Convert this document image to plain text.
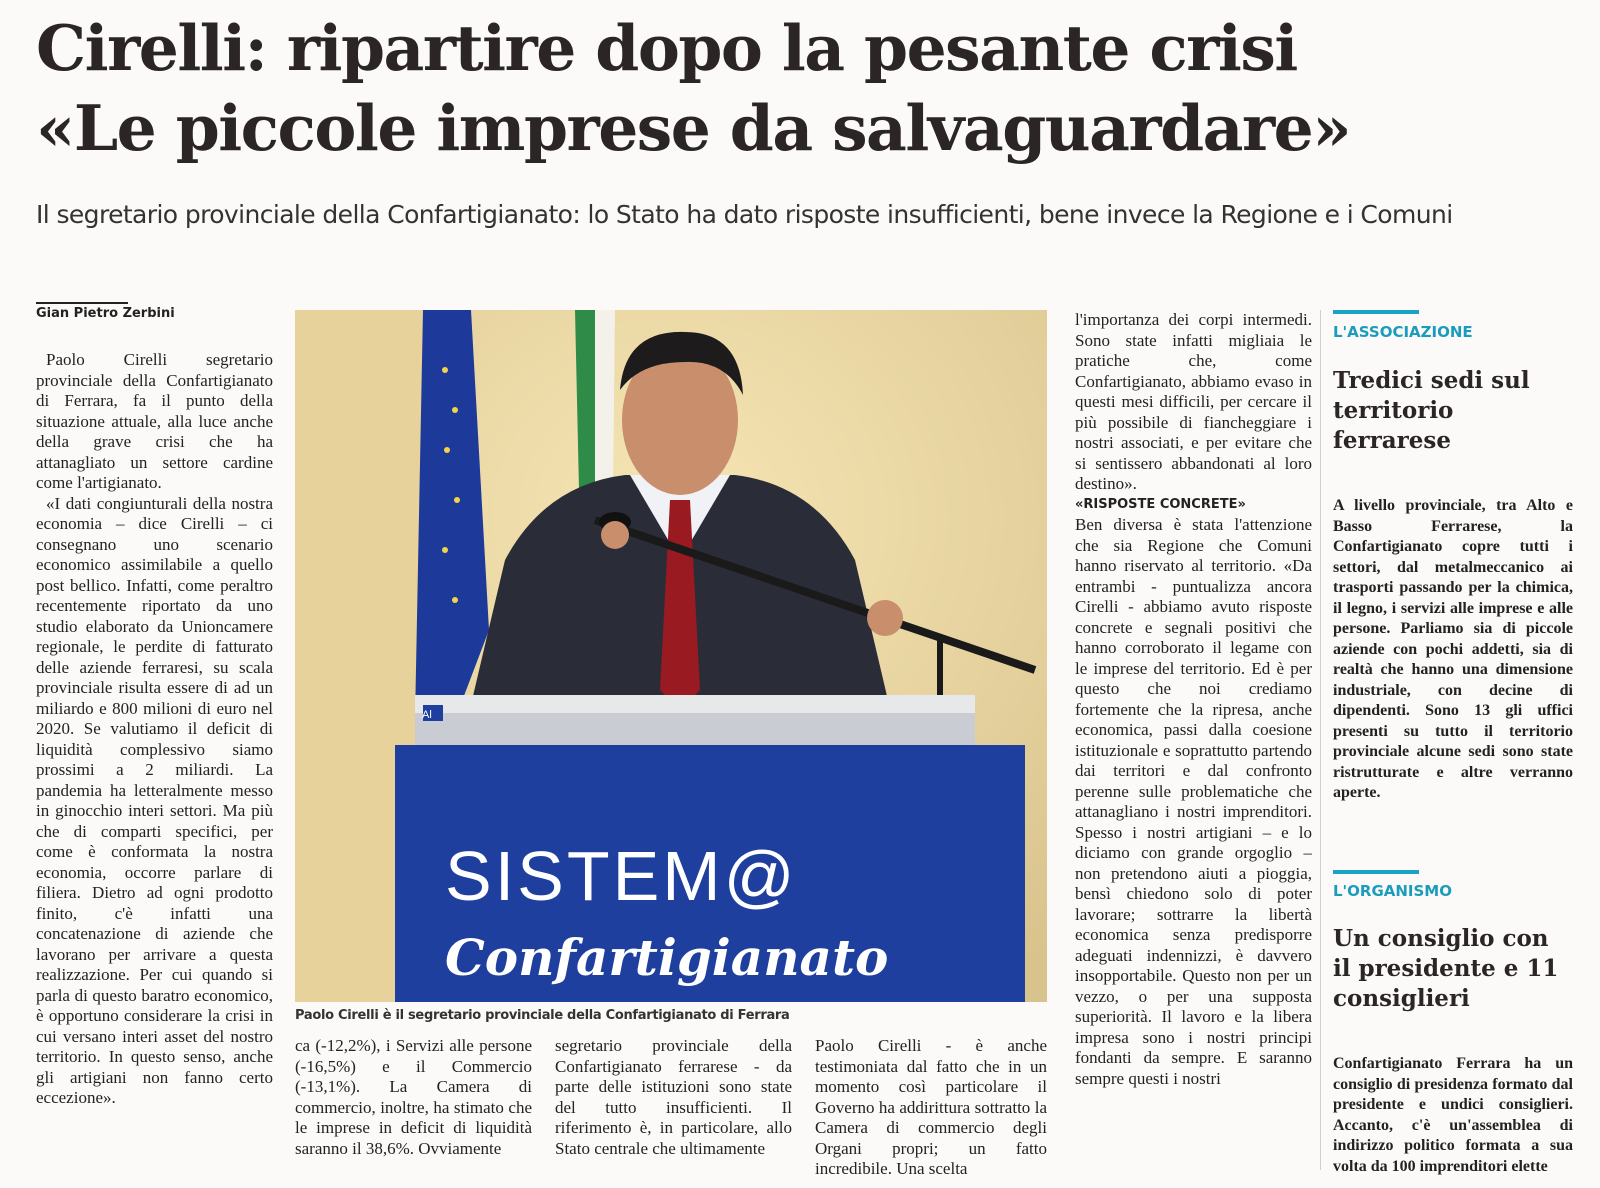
Cirelli: ripartire dopo la pesante crisi
«Le piccole imprese da salvaguardare»
Il segretario provinciale della Confartigianato: lo Stato ha dato risposte insufficienti, bene invece la Regione e i Comuni
Gian Pietro Zerbini

Paolo Cirelli segretario provinciale della Confartigianato di Ferrara, fa il punto della situazione attuale, alla luce anche della grave crisi che ha attanagliato un settore cardine come l'artigianato.

«I dati congiunturali della nostra economia – dice Cirelli – ci consegnano uno scenario economico assimilabile a quello post bellico. Infatti, come peraltro recentemente riportato da uno studio elaborato da Unioncamere regionale, le perdite di fatturato delle aziende ferraresi, su scala provinciale risulta essere di ad un miliardo e 800 milioni di euro nel 2020. Se valutiamo il deficit di liquidità complessivo siamo prossimi a 2 miliardi. La pandemia ha letteralmente messo in ginocchio interi settori. Ma più che di comparti specifici, per come è conformata la nostra economia, occorre parlare di filiera. Dietro ad ogni prodotto finito, c'è infatti una concatenazione di aziende che lavorano per arrivare a questa realizzazione. Per cui quando si parla di questo baratro economico, è opportuno considerare la crisi in cui versano interi asset del nostro territorio. In questo senso, anche gli artigiani non fanno certo eccezione».

Al
SISTEM@
Confartigianato
Paolo Cirelli è il segretario provinciale della Confartigianato di Ferrara

ca (-12,2%), i Servizi alle persone (-16,5%) e il Commercio (-13,1%). La Camera di commercio, inoltre, ha stimato che le imprese in deficit di liquidità saranno il 38,6%. Ovviamente

segretario provinciale della Confartigianato ferrarese - da parte delle istituzioni sono state del tutto insufficienti. Il riferimento è, in particolare, allo Stato centrale che ultimamente

Paolo Cirelli - è anche testimoniata dal fatto che in un momento così particolare il Governo ha addirittura sottratto la Camera di commercio degli Organi propri; un fatto incredibile. Una scelta

l'importanza dei corpi intermedi. Sono state infatti migliaia le pratiche che, come Confartigianato, abbiamo evaso in questi mesi difficili, per cercare il più possibile di fiancheggiare i nostri associati, e per evitare che si sentissero abbandonati al loro destino».

«RISPOSTE CONCRETE»

Ben diversa è stata l'attenzione che sia Regione che Comuni hanno riservato al territorio. «Da entrambi - puntualizza ancora Cirelli - abbiamo avuto risposte concrete e segnali positivi che hanno corroborato il legame con le imprese del territorio. Ed è per questo che noi crediamo fortemente che la ripresa, anche economica, passi dalla coesione istituzionale e soprattutto partendo dai territori e dal confronto perenne sulle problematiche che attanagliano i nostri imprenditori. Spesso i nostri artigiani – e lo diciamo con grande orgoglio – non pretendono aiuti a pioggia, bensì chiedono solo di poter lavorare; sottrarre la libertà economica senza predisporre adeguati indennizzi, è davvero insopportabile. Questo non per un vezzo, o per una supposta superiorità. Il lavoro e la libera impresa sono i nostri principi fondanti da sempre. E saranno sempre questi i nostri

L'ASSOCIAZIONE
Tredici sedi sul territorio ferrarese
A livello provinciale, tra Alto e Basso Ferrarese, la Confartigianato copre tutti i settori, dal metalmeccanico ai trasporti passando per la chimica, il legno, i servizi alle imprese e alle persone. Parliamo sia di piccole aziende con pochi addetti, sia di realtà che hanno una dimensione industriale, con decine di dipendenti. Sono 13 gli uffici presenti su tutto il territorio provinciale alcune sedi sono state ristrutturate e altre verranno aperte.
L'ORGANISMO
Un consiglio con il presidente e 11 consiglieri
Confartigianato Ferrara ha un consiglio di presidenza formato dal presidente e undici consiglieri. Accanto, c'è un'assemblea di indirizzo politico formata a sua volta da 100 imprenditori elette
